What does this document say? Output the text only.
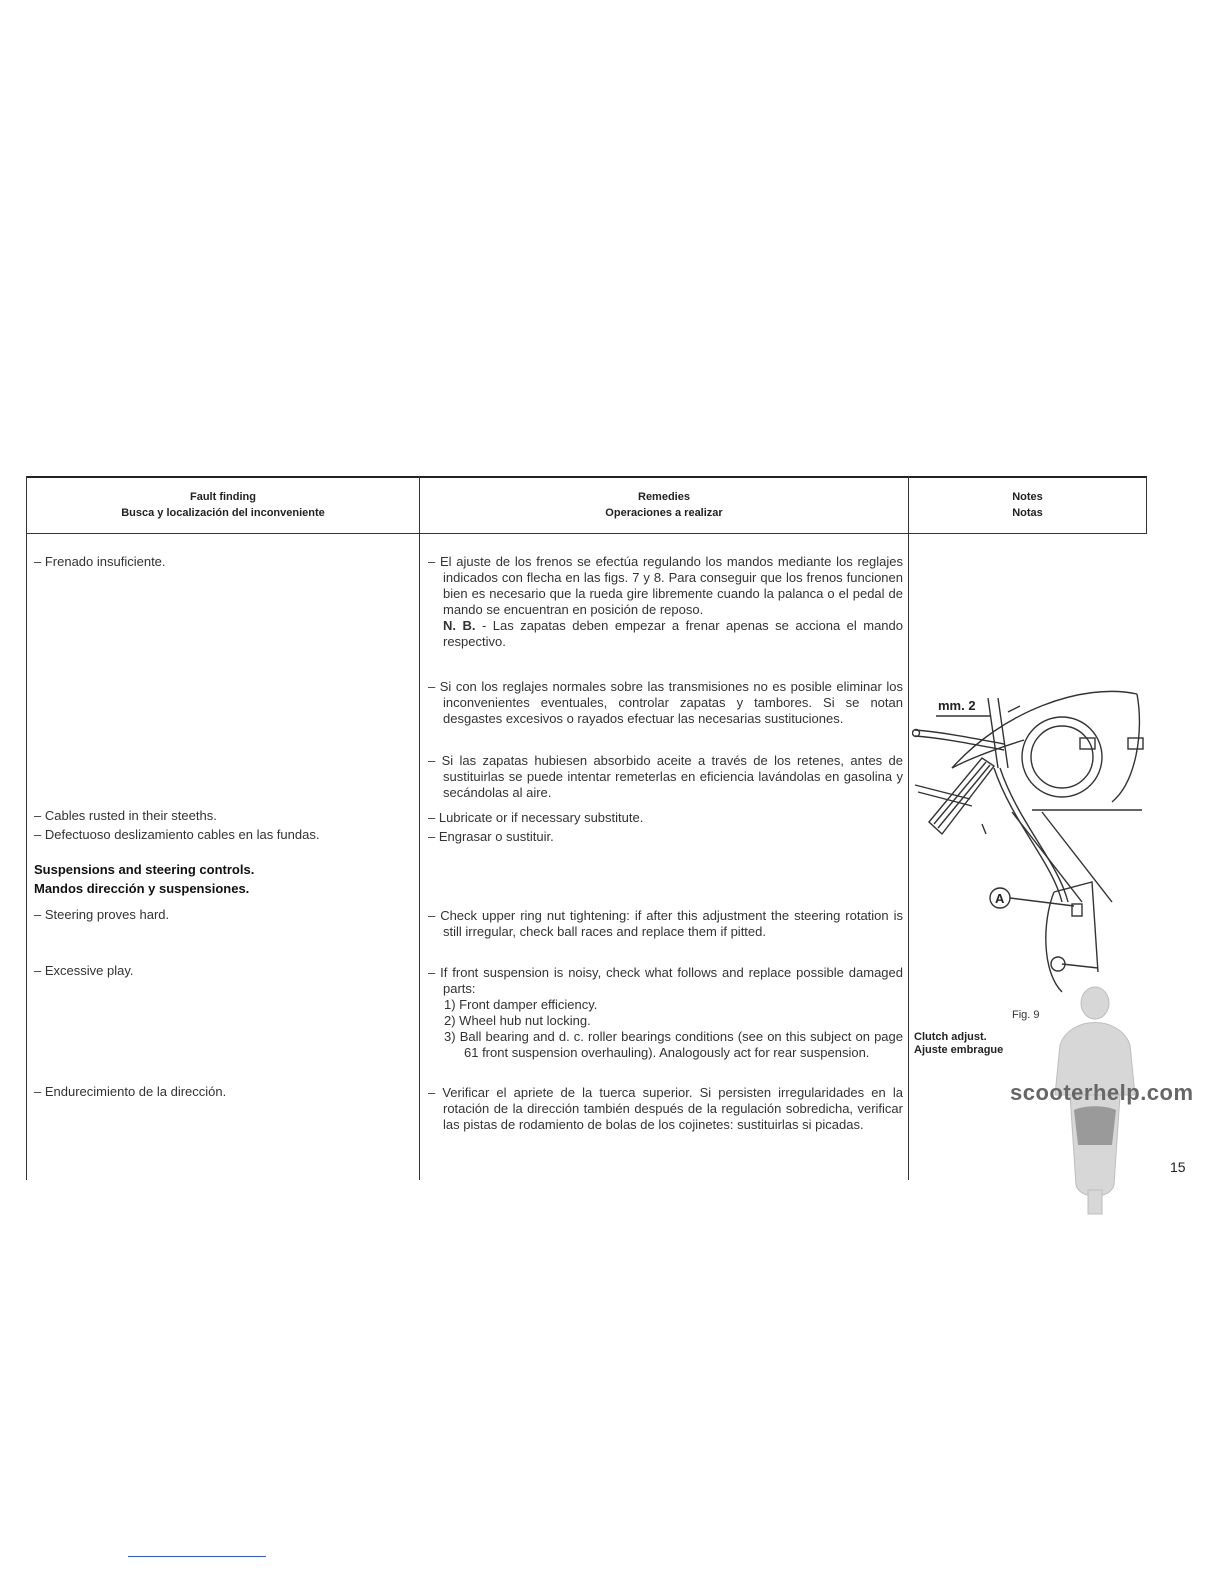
Fault finding
Busca y localización del inconveniente
Remedies
Operaciones a realizar
Notes
Notas
– Frenado insuficiente.
– Cables rusted in their steeths.
– Defectuoso deslizamiento cables en las fundas.
Suspensions and steering controls.
Mandos dirección y suspensiones.
– Steering proves hard.
– Excessive play.
– Endurecimiento de la dirección.
– El ajuste de los frenos se efectúa regulando los mandos mediante los reglajes indicados con flecha en las figs. 7 y 8. Para conseguir que los frenos funcionen bien es necesario que la rueda gire libremente cuando la palanca o el pedal de mando se encuentran en posición de reposo.
N. B. - Las zapatas deben empezar a frenar apenas se acciona el mando respectivo.
– Si con los reglajes normales sobre las transmisiones no es posible eliminar los inconvenientes eventuales, controlar zapatas y tambores. Si se notan desgastes excesivos o rayados efectuar las necesarias sustituciones.
– Si las zapatas hubiesen absorbido aceite a través de los retenes, antes de sustituirlas se puede intentar remeterlas en eficiencia lavándolas en gasolina y secándolas al aire.
– Lubricate or if necessary substitute.
– Engrasar o sustituir.
– Check upper ring nut tightening: if after this adjustment the steering rotation is still irregular, check ball races and replace them if pitted.
– If front suspension is noisy, check what follows and replace possible damaged parts:
1) Front damper efficiency.
2) Wheel hub nut locking.
3) Ball bearing and d. c. roller bearings conditions (see on this subject on page 61 front suspension overhauling). Analogously act for rear suspension.
– Verificar el apriete de la tuerca superior. Si persisten irregularidades en la rotación de la dirección también después de la regulación sobredicha, verificar las pistas de rodamiento de bolas de los cojinetes: sustituirlas si picadas.
mm. 2
A
Fig. 9
Clutch adjust.
Ajuste embrague
scooterhelp.com
15
